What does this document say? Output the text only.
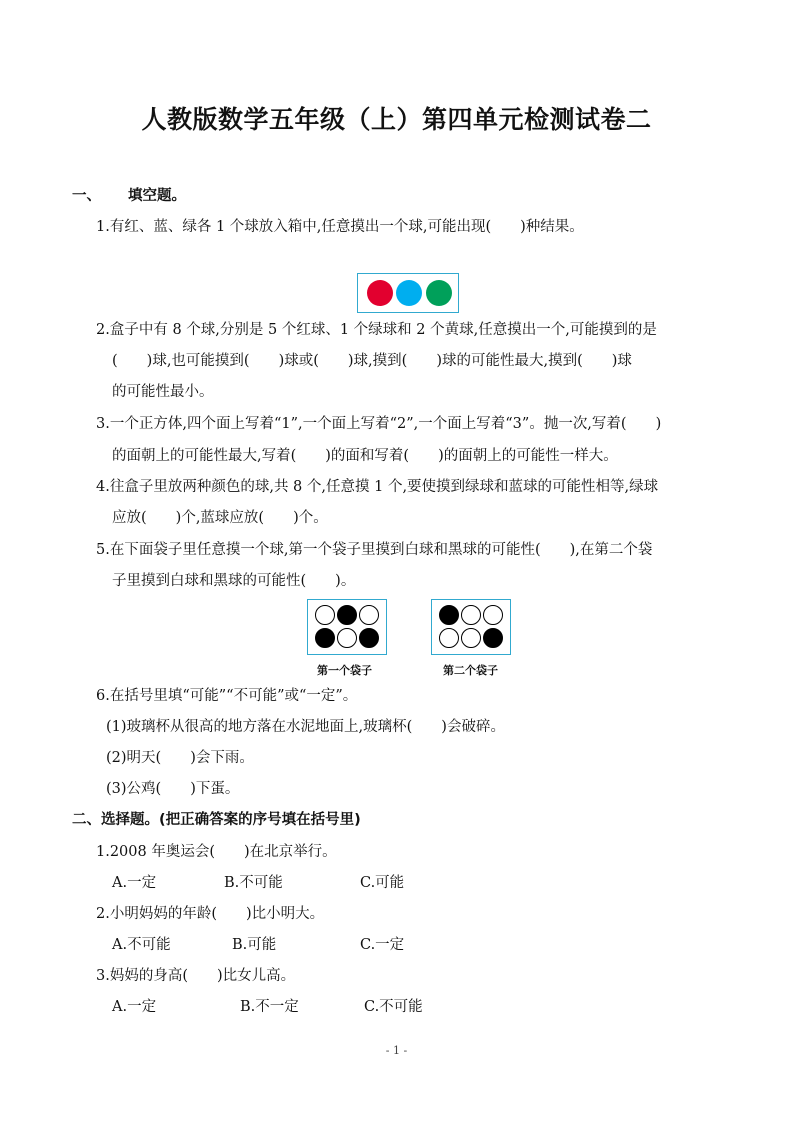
人教版数学五年级（上）第四单元检测试卷二
一、 填空题。
1.有红、蓝、绿各 1 个球放入箱中,任意摸出一个球,可能出现(　　)种结果。
2.盒子中有 8 个球,分别是 5 个红球、1 个绿球和 2 个黄球,任意摸出一个,可能摸到的是
(　　)球,也可能摸到(　　)球或(　　)球,摸到(　　)球的可能性最大,摸到(　　)球
的可能性最小。
3.一个正方体,四个面上写着“1”,一个面上写着“2”,一个面上写着“3”。抛一次,写着(　　)
的面朝上的可能性最大,写着(　　)的面和写着(　　)的面朝上的可能性一样大。
4.往盒子里放两种颜色的球,共 8 个,任意摸 1 个,要使摸到绿球和蓝球的可能性相等,绿球
应放(　　)个,蓝球应放(　　)个。
5.在下面袋子里任意摸一个球,第一个袋子里摸到白球和黑球的可能性(　　),在第二个袋
子里摸到白球和黑球的可能性(　　)。
第一个袋子	第二个袋子
6.在括号里填“可能”“不可能”或“一定”。
(1)玻璃杯从很高的地方落在水泥地面上,玻璃杯(　　)会破碎。
(2)明天(　　)会下雨。
(3)公鸡(　　)下蛋。
二、选择题。(把正确答案的序号填在括号里)
1.2008 年奥运会(　　)在北京举行。
A.一定	B.不可能	C.可能
2.小明妈妈的年龄(　　)比小明大。
A.不可能	B.可能	C.一定
3.妈妈的身高(　　)比女儿高。
A.一定	B.不一定	C.不可能
- 1 -
